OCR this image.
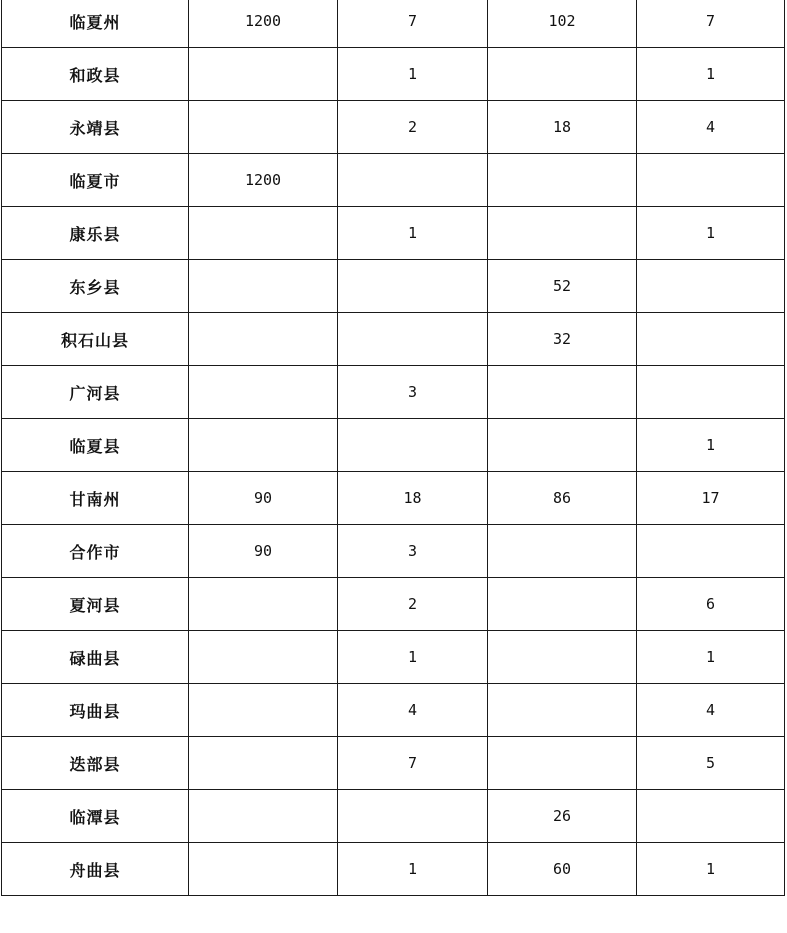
临夏州	1200	7	102	7
和政县		1		1
永靖县		2	18	4
临夏市	1200			
康乐县		1		1
东乡县			52	
积石山县			32	
广河县		3		
临夏县				1
甘南州	90	18	86	17
合作市	90	3		
夏河县		2		6
碌曲县		1		1
玛曲县		4		4
迭部县		7		5
临潭县			26	
舟曲县		1	60	1
